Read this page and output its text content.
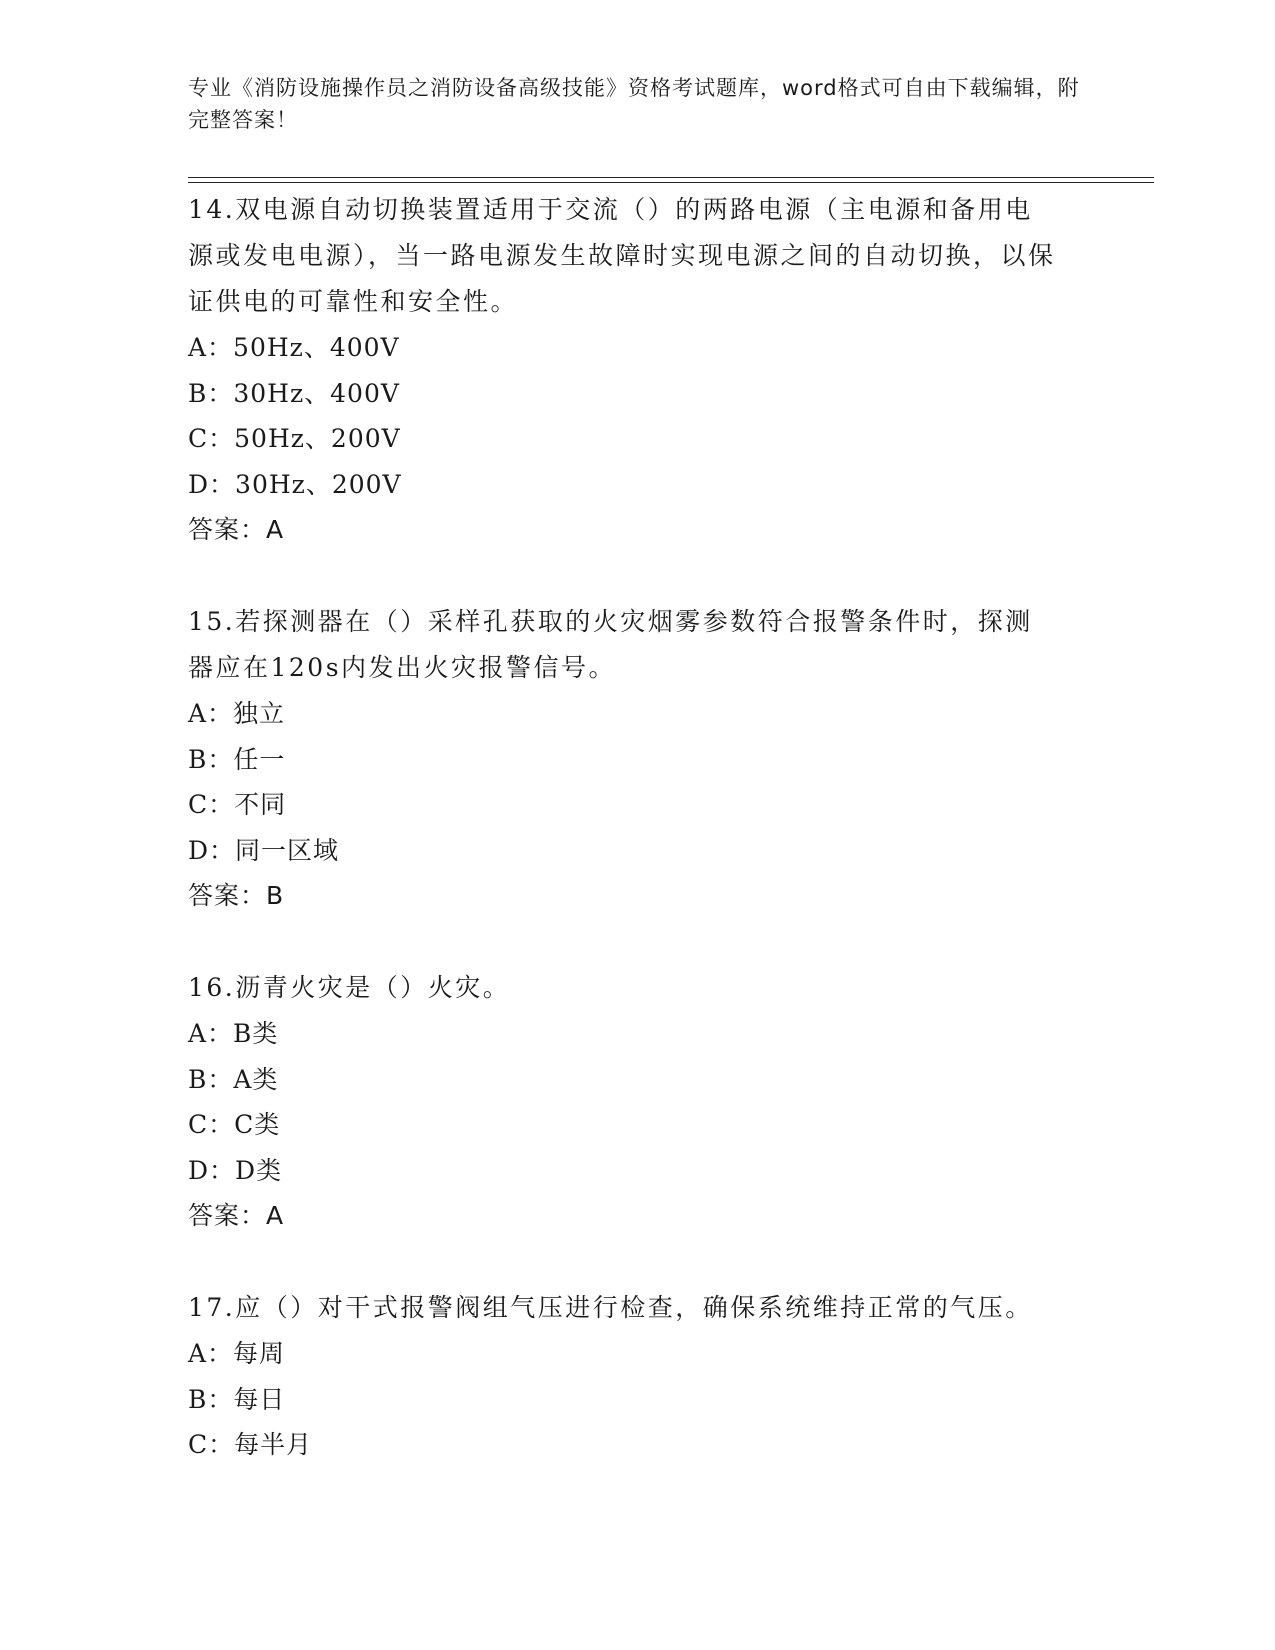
专业《消防设施操作员之消防设备高级技能》资格考试题库，word格式可自由下载编辑，附完整答案！
14.双电源自动切换装置适用于交流（）的两路电源（主电源和备用电源或发电电源），当一路电源发生故障时实现电源之间的自动切换，以保证供电的可靠性和安全性。
A：50Hz、400V
B：30Hz、400V
C：50Hz、200V
D：30Hz、200V
答案：A
15.若探测器在（）采样孔获取的火灾烟雾参数符合报警条件时，探测器应在120s内发出火灾报警信号。
A：独立
B：任一
C：不同
D：同一区域
答案：B
16.沥青火灾是（）火灾。
A：B类
B：A类
C：C类
D：D类
答案：A
17.应（）对干式报警阀组气压进行检查，确保系统维持正常的气压。
A：每周
B：每日
C：每半月
